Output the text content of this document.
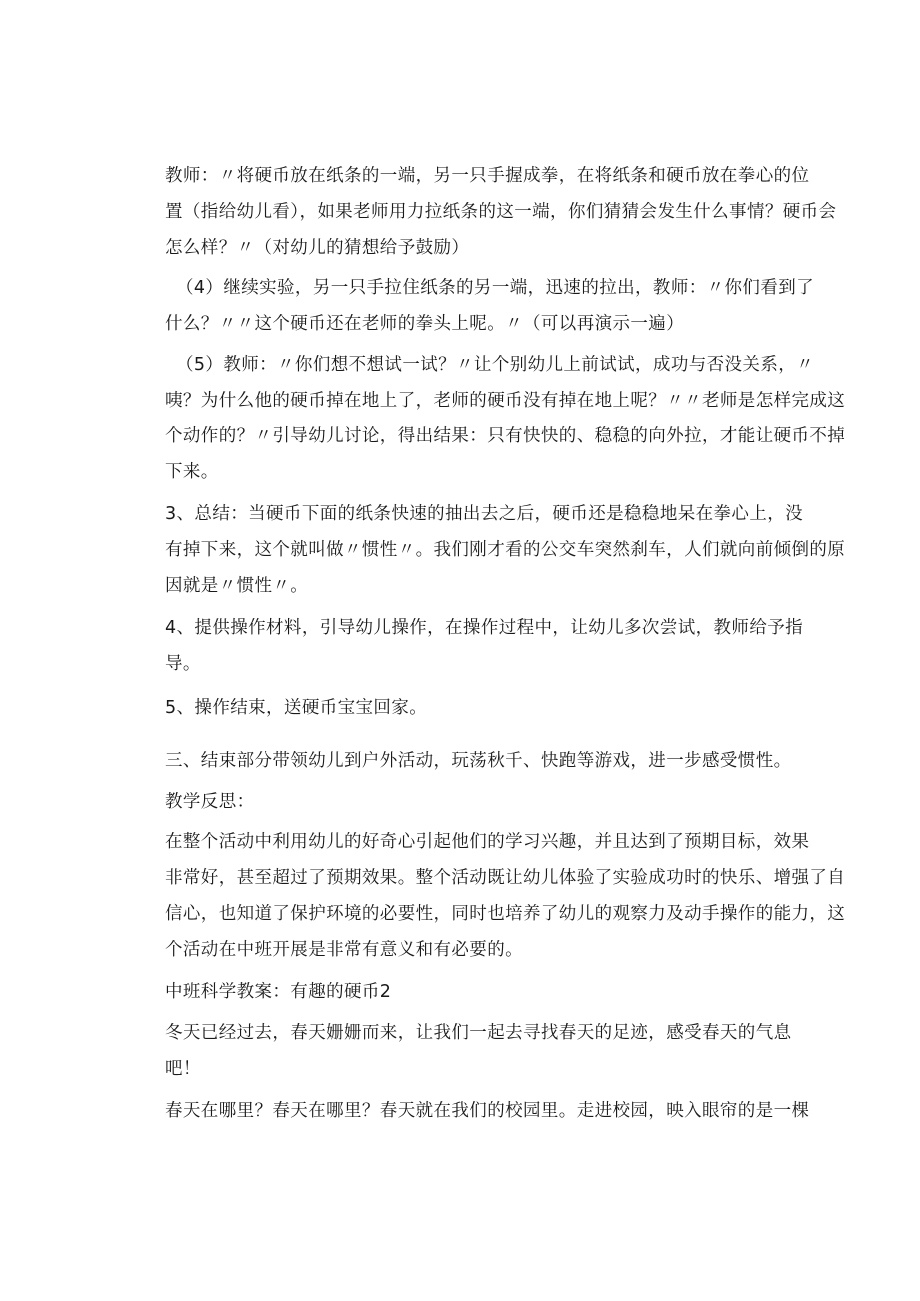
教师：〃将硬币放在纸条的一端，另一只手握成拳，在将纸条和硬币放在拳心的位
置（指给幼儿看），如果老师用力拉纸条的这一端，你们猜猜会发生什么事情？硬币会
怎么样？〃（对幼儿的猜想给予鼓励）
（4）继续实验，另一只手拉住纸条的另一端，迅速的拉出，教师：〃你们看到了
什么？〃〃这个硬币还在老师的拳头上呢。〃（可以再演示一遍）
（5）教师：〃你们想不想试一试？〃让个别幼儿上前试试，成功与否没关系，〃
咦？为什么他的硬币掉在地上了，老师的硬币没有掉在地上呢？〃〃老师是怎样完成这
个动作的？〃引导幼儿讨论，得出结果：只有快快的、稳稳的向外拉，才能让硬币不掉
下来。
3、总结：当硬币下面的纸条快速的抽出去之后，硬币还是稳稳地呆在拳心上，没
有掉下来，这个就叫做〃惯性〃。我们刚才看的公交车突然刹车，人们就向前倾倒的原
因就是〃惯性〃。
4、提供操作材料，引导幼儿操作，在操作过程中，让幼儿多次尝试，教师给予指
导。
5、操作结束，送硬币宝宝回家。
三、结束部分带领幼儿到户外活动，玩荡秋千、快跑等游戏，进一步感受惯性。
教学反思：
在整个活动中利用幼儿的好奇心引起他们的学习兴趣，并且达到了预期目标，效果
非常好，甚至超过了预期效果。整个活动既让幼儿体验了实验成功时的快乐、增强了自
信心，也知道了保护环境的必要性，同时也培养了幼儿的观察力及动手操作的能力，这
个活动在中班开展是非常有意义和有必要的。
中班科学教案：有趣的硬币2
冬天已经过去，春天姗姗而来，让我们一起去寻找春天的足迹，感受春天的气息
吧！
春天在哪里？春天在哪里？春天就在我们的校园里。走进校园，映入眼帘的是一棵
